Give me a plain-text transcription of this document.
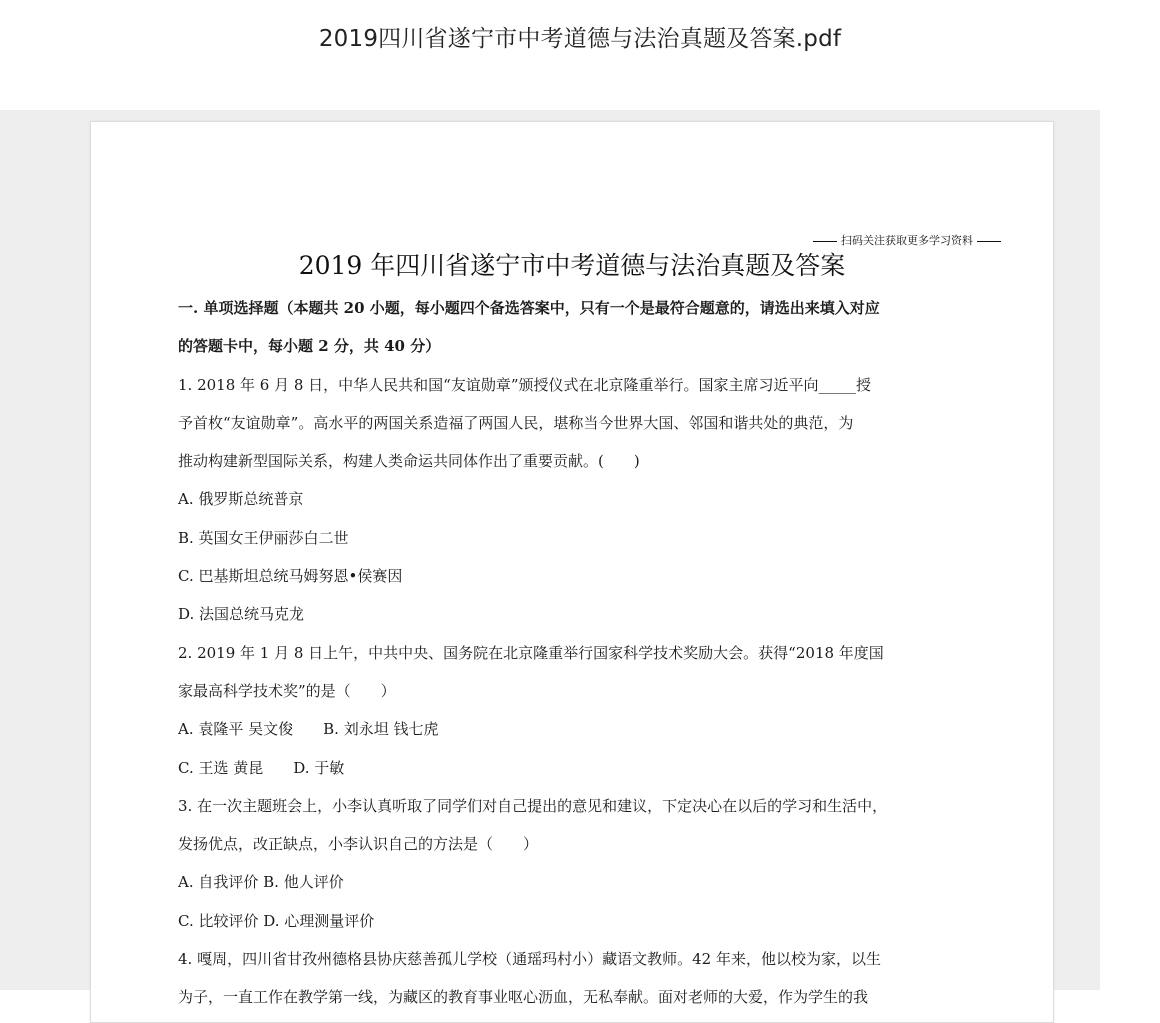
2019四川省遂宁市中考道德与法治真题及答案.pdf
扫码关注获取更多学习资料
2019 年四川省遂宁市中考道德与法治真题及答案
一. 单项选择题（本题共 20 小题，每小题四个备选答案中，只有一个是最符合题意的，请选出来填入对应
的答题卡中，每小题 2 分，共 40 分）
1. 2018 年 6 月 8 日，中华人民共和国“友谊勋章”颁授仪式在北京隆重举行。国家主席习近平向_____授
予首枚“友谊勋章”。高水平的两国关系造福了两国人民，堪称当今世界大国、邻国和谐共处的典范，为
推动构建新型国际关系，构建人类命运共同体作出了重要贡献。(　　)
A. 俄罗斯总统普京
B. 英国女王伊丽莎白二世
C. 巴基斯坦总统马姆努恩•侯赛因
D. 法国总统马克龙
2. 2019 年 1 月 8 日上午，中共中央、国务院在北京隆重举行国家科学技术奖励大会。获得“2018 年度国
家最高科学技术奖”的是（　　）
A. 袁隆平 吴文俊　　B. 刘永坦 钱七虎
C. 王选 黄昆　　D. 于敏
3. 在一次主题班会上，小李认真听取了同学们对自己提出的意见和建议，下定决心在以后的学习和生活中，
发扬优点，改正缺点，小李认识自己的方法是（　　）
A. 自我评价 B. 他人评价
C. 比较评价 D. 心理测量评价
4. 嘎周，四川省甘孜州德格县协庆慈善孤儿学校（通瑶玛村小）藏语文教师。42 年来，他以校为家，以生
为子，一直工作在教学第一线，为藏区的教育事业呕心沥血，无私奉献。面对老师的大爱，作为学生的我
